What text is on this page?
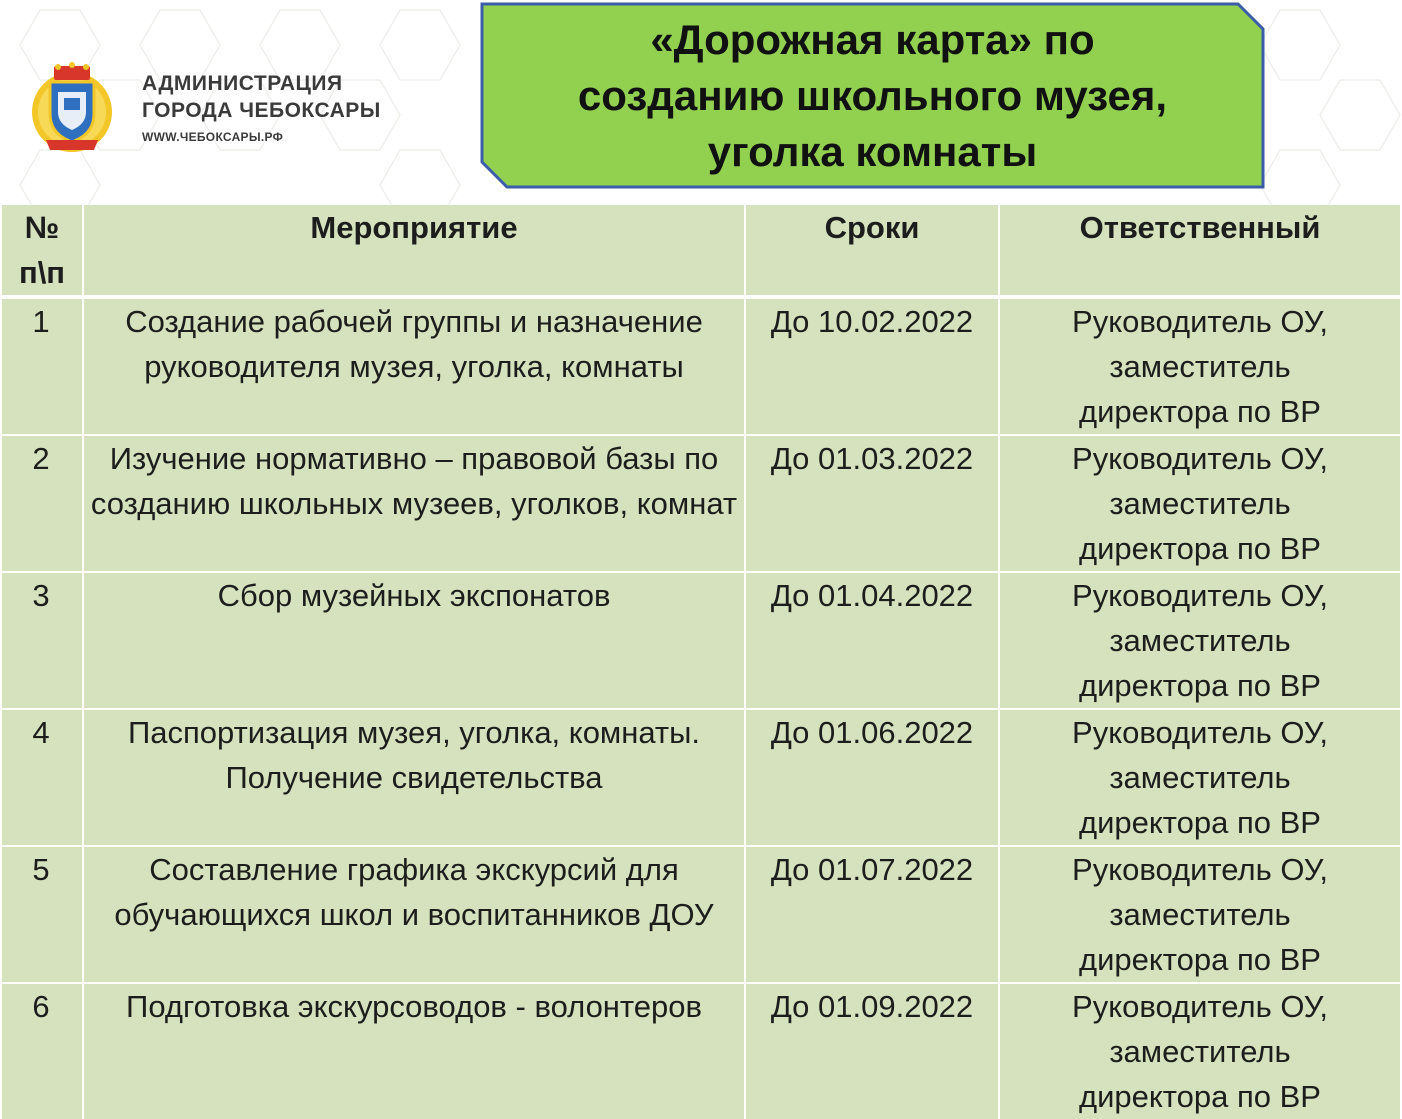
АДМИНИСТРАЦИЯ
ГОРОДА ЧЕБОКСАРЫ
WWW.ЧЕБОКСАРЫ.РФ
«Дорожная карта» по
созданию школьного музея,
уголка комнаты
№ п\п	Мероприятие	Сроки	Ответственный
1	Создание рабочей группы и назначение руководителя музея, уголка, комнаты	До 10.02.2022	Руководитель ОУ,
заместитель
директора по ВР

2	Изучение нормативно – правовой базы по созданию школьных музеев, уголков, комнат	До 01.03.2022	Руководитель ОУ,
заместитель
директора по ВР

3	Сбор музейных экспонатов	До 01.04.2022	Руководитель ОУ,
заместитель
директора по ВР

4	Паспортизация музея, уголка, комнаты. Получение свидетельства	До 01.06.2022	Руководитель ОУ,
заместитель
директора по ВР

5	Составление графика экскурсий для обучающихся школ и воспитанников ДОУ	До 01.07.2022	Руководитель ОУ,
заместитель
директора по ВР

6	Подготовка экскурсоводов - волонтеров	До 01.09.2022	Руководитель ОУ,
заместитель
директора по ВР
